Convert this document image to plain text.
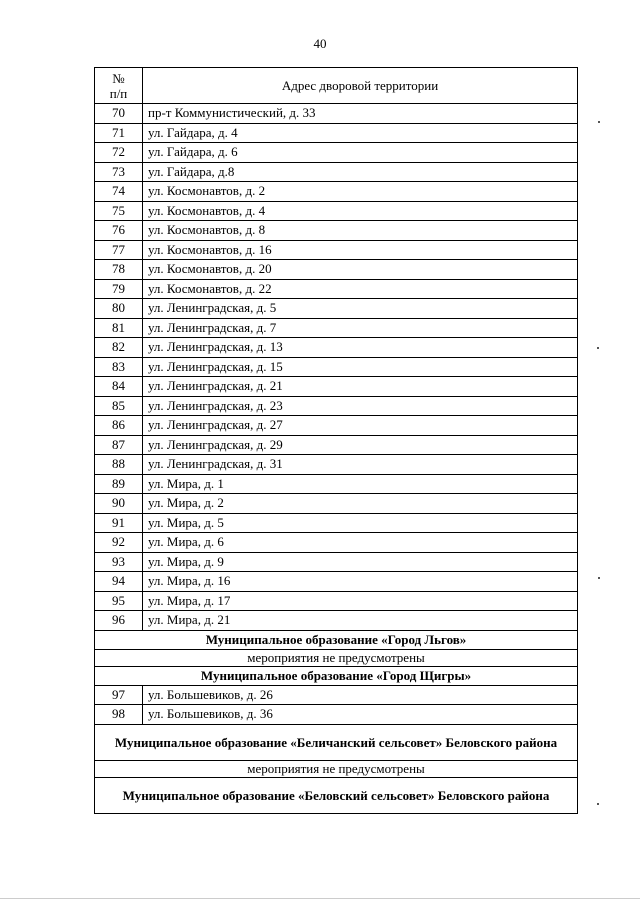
40
№
п/п	Адрес дворовой территории
70	пр-т Коммунистический, д. 33
71	ул. Гайдара, д. 4
72	ул. Гайдара, д. 6
73	ул. Гайдара, д.8
74	ул. Космонавтов, д. 2
75	ул. Космонавтов, д. 4
76	ул. Космонавтов, д. 8
77	ул. Космонавтов, д. 16
78	ул. Космонавтов, д. 20
79	ул. Космонавтов, д. 22
80	ул. Ленинградская, д. 5
81	ул. Ленинградская, д. 7
82	ул. Ленинградская, д. 13
83	ул. Ленинградская, д. 15
84	ул. Ленинградская, д. 21
85	ул. Ленинградская, д. 23
86	ул. Ленинградская, д. 27
87	ул. Ленинградская, д. 29
88	ул. Ленинградская, д. 31
89	ул. Мира, д. 1
90	ул. Мира, д. 2
91	ул. Мира, д. 5
92	ул. Мира, д. 6
93	ул. Мира, д. 9
94	ул. Мира, д. 16
95	ул. Мира, д. 17
96	ул. Мира, д. 21
Муниципальное образование «Город Льгов»	
мероприятия не предусмотрены	
Муниципальное образование «Город Щигры»	
97	ул. Большевиков, д. 26
98	ул. Большевиков, д. 36
Муниципальное образование «Беличанский сельсовет» Беловского района	
мероприятия не предусмотрены	
Муниципальное образование «Беловский сельсовет» Беловского района	
